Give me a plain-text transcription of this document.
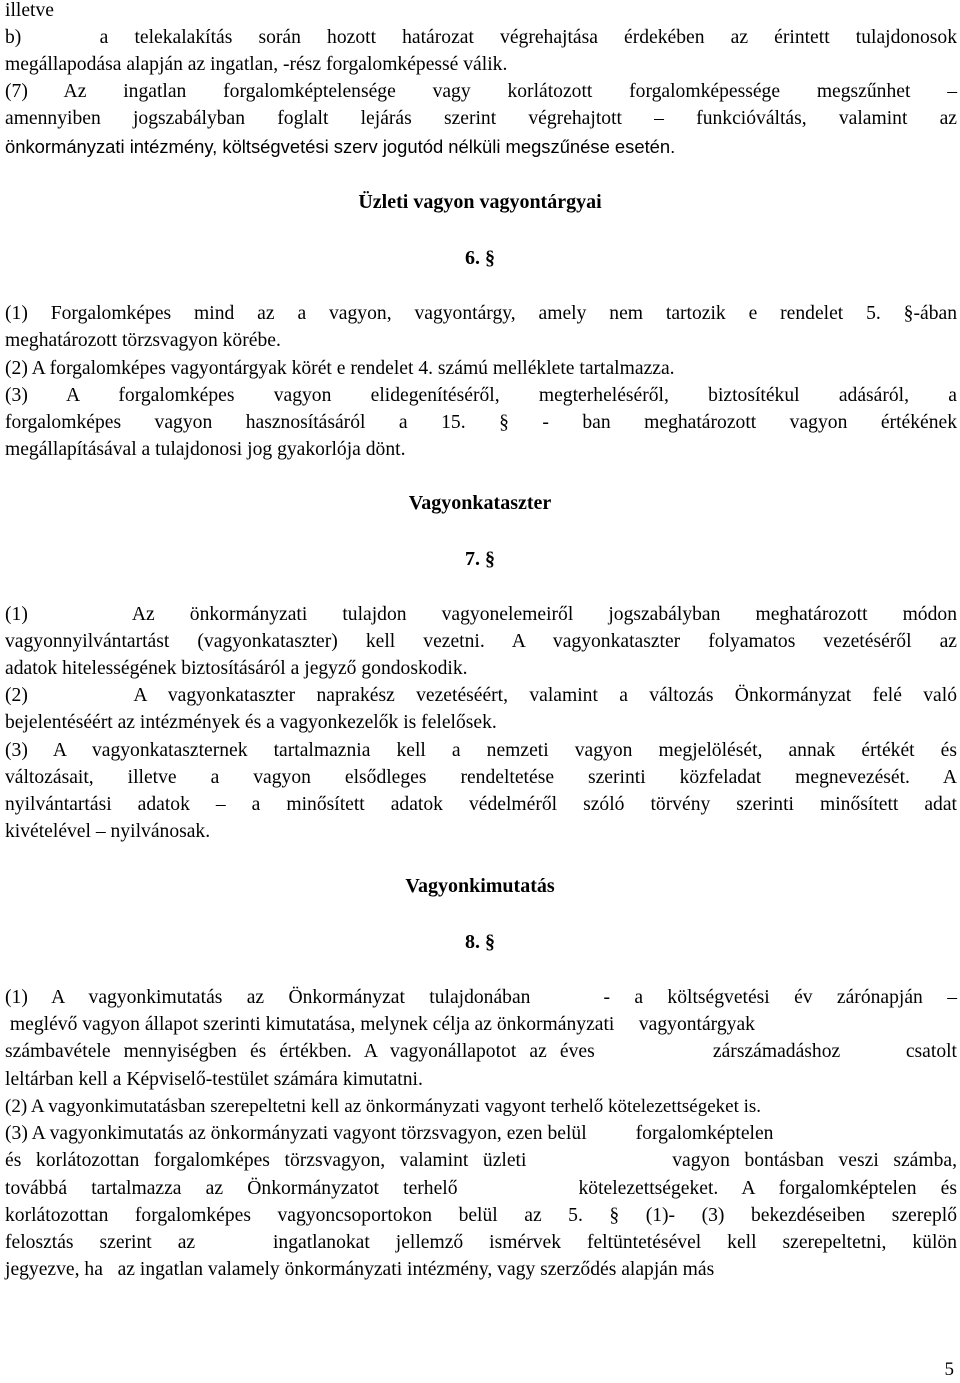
illetve
b)   a telekalakítás során hozott határozat végrehajtása érdekében az érintett tulajdonosok
megállapodása alapján az ingatlan, -rész forgalomképessé válik.
(7) Az ingatlan forgalomképtelensége vagy korlátozott forgalomképessége megszűnhet –
amennyiben jogszabályban foglalt lejárás szerint végrehajtott – funkcióváltás, valamint az
önkormányzati intézmény, költségvetési szerv jogutód nélküli megszűnése esetén.
Üzleti vagyon vagyontárgyai
6. §
(1) Forgalomképes mind az a vagyon, vagyontárgy, amely nem tartozik e rendelet 5. §-ában
meghatározott törzsvagyon körébe.
(2) A forgalomképes vagyontárgyak körét e rendelet 4. számú melléklete tartalmazza.
(3) A forgalomképes vagyon elidegenítéséről, megterheléséről, biztosítékul adásáról, a
forgalomképes vagyon hasznosításáról a 15. § - ban meghatározott vagyon értékének
megállapításával a tulajdonosi jog gyakorlója dönt.
Vagyonkataszter
7. §
(1)   Az önkormányzati tulajdon vagyonelemeiről jogszabályban meghatározott módon
vagyonnyilvántartást (vagyonkataszter) kell vezetni. A vagyonkataszter folyamatos vezetéséről az
adatok hitelességének biztosításáról a jegyző gondoskodik.
(2)     A vagyonkataszter naprakész vezetéséért, valamint a változás Önkormányzat felé való
bejelentéséért az intézmények és a vagyonkezelők is felelősek.
(3) A vagyonkataszternek tartalmaznia kell a nemzeti vagyon megjelölését, annak értékét és
változásait, illetve a vagyon elsődleges rendeltetése szerinti közfeladat megnevezését. A
nyilvántartási adatok – a minősített adatok védelméről szóló törvény szerinti minősített adat
kivételével – nyilvánosak.
Vagyonkimutatás
8. §
(1) A vagyonkimutatás az Önkormányzat tulajdonában   - a költségvetési év zárónapján –
meglévő vagyon állapot szerinti kimutatása, melynek célja az önkormányzati     vagyontárgyak
számbavétele mennyiségben és értékben. A vagyonállapotot az éves         zárszámadáshoz     csatolt
leltárban kell a Képviselő-testület számára kimutatni.
(2) A vagyonkimutatásban szerepeltetni kell az önkormányzati vagyont terhelő kötelezettségeket is.
(3) A vagyonkimutatás az önkormányzati vagyont törzsvagyon, ezen belül          forgalomképtelen
és korlátozottan forgalomképes törzsvagyon, valamint üzleti          vagyon bontásban veszi számba,
továbbá tartalmazza az Önkormányzatot terhelő     kötelezettségeket. A forgalomképtelen és
korlátozottan forgalomképes vagyoncsoportokon belül az 5. § (1)- (3) bekezdéseiben szereplő
felosztás szerint az   ingatlanokat jellemző ismérvek feltüntetésével kell szerepeltetni, külön
jegyezve, ha   az ingatlan valamely önkormányzati intézmény, vagy szerződés alapján más
5
